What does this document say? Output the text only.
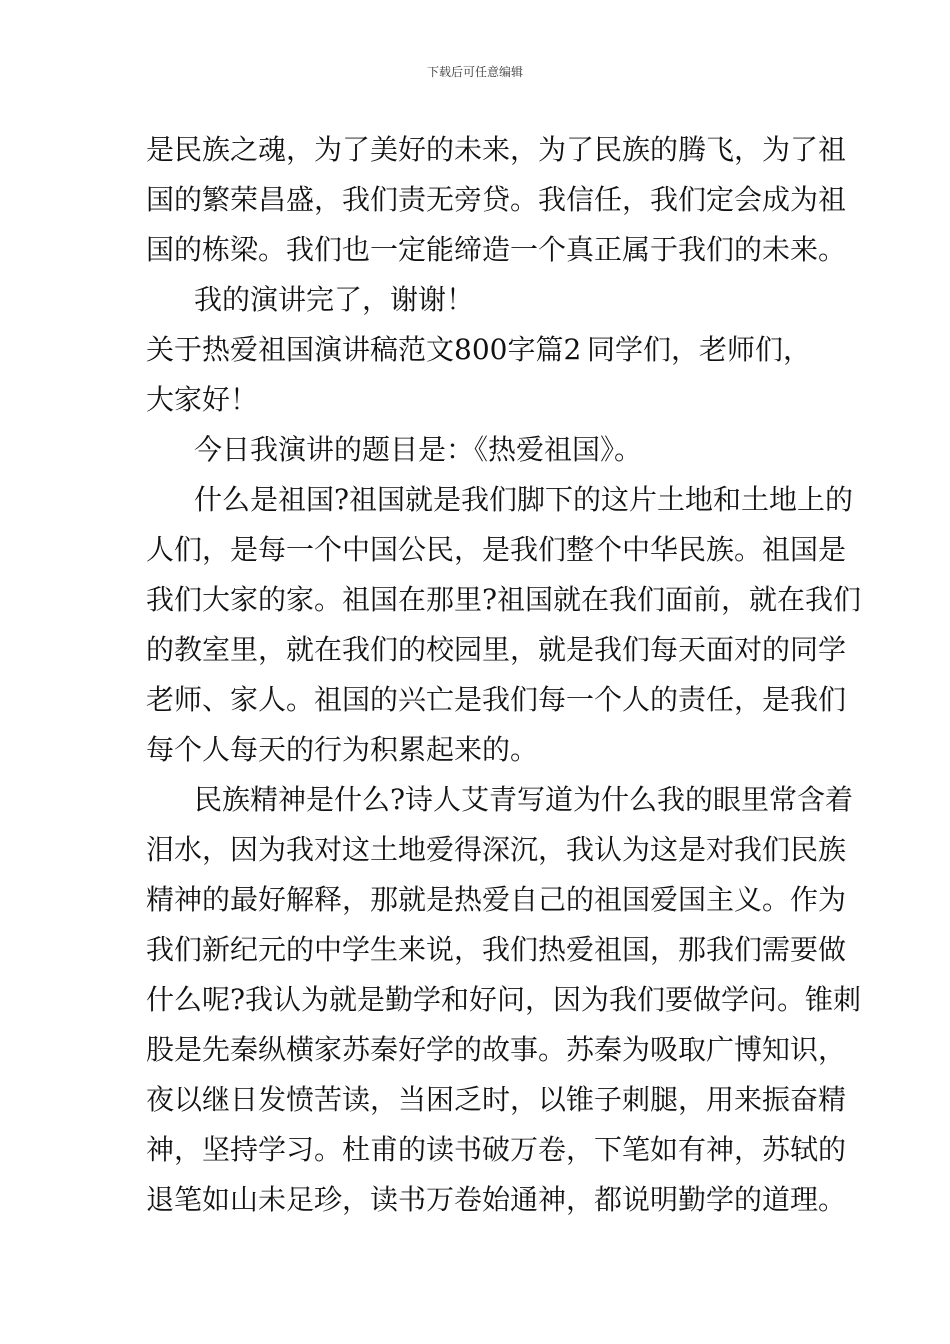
下载后可任意编辑
是民族之魂，为了美好的未来，为了民族的腾飞，为了祖
国的繁荣昌盛，我们责无旁贷。我信任，我们定会成为祖
国的栋梁。我们也一定能缔造一个真正属于我们的未来。
我的演讲完了，谢谢！
关于热爱祖国演讲稿范文800字篇2 同学们，老师们，
大家好！
今日我演讲的题目是：《热爱祖国》。
什么是祖国?祖国就是我们脚下的这片土地和土地上的
人们，是每一个中国公民，是我们整个中华民族。祖国是
我们大家的家。祖国在那里?祖国就在我们面前，就在我们
的教室里，就在我们的校园里，就是我们每天面对的同学
老师、家人。祖国的兴亡是我们每一个人的责任，是我们
每个人每天的行为积累起来的。
民族精神是什么?诗人艾青写道为什么我的眼里常含着
泪水，因为我对这土地爱得深沉，我认为这是对我们民族
精神的最好解释，那就是热爱自己的祖国爱国主义。作为
我们新纪元的中学生来说，我们热爱祖国，那我们需要做
什么呢?我认为就是勤学和好问，因为我们要做学问。锥刺
股是先秦纵横家苏秦好学的故事。苏秦为吸取广博知识，
夜以继日发愤苦读，当困乏时，以锥子刺腿，用来振奋精
神，坚持学习。杜甫的读书破万卷，下笔如有神，苏轼的
退笔如山未足珍，读书万卷始通神，都说明勤学的道理。
